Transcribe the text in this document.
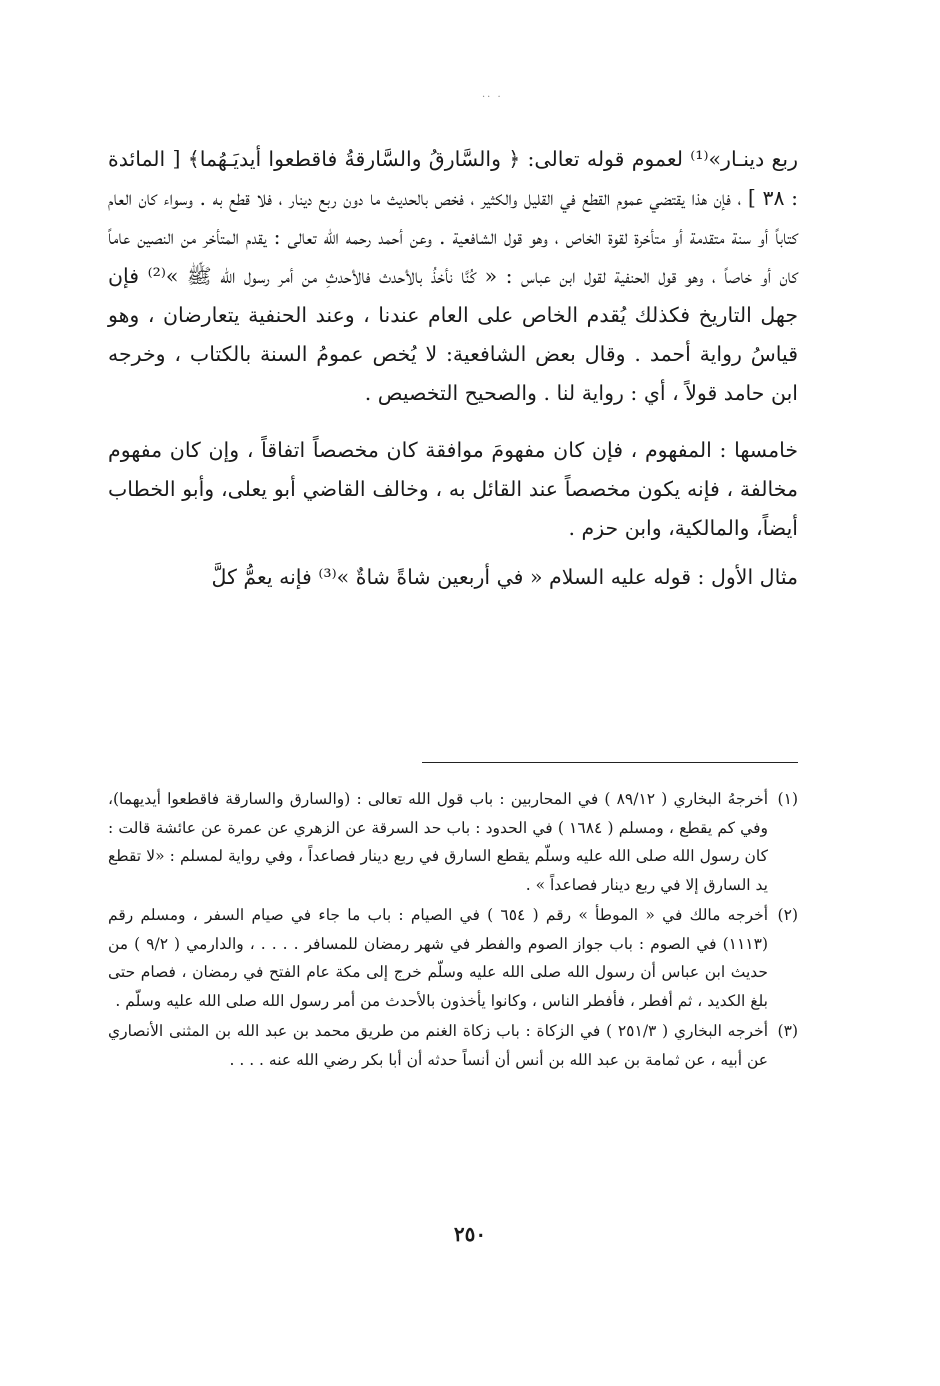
·· ·

ربع دينـار»⁽¹⁾ لعموم قوله تعالى: ﴿ والسَّارقُ والسَّارقةُ فاقطعوا أيديَـهُما﴾ [ المائدة : ٣٨ ] ، فإن هذا يقتضي عموم القطع في القليل والكثير ، فخص بالحديث ما دون ربع دينار ، فلا قطع به . وسواء كان العام كتاباً أو سنة متقدمة أو متأخرة لقوة الخاص ، وهو قول الشافعية . وعن أحمد رحمه الله تعالى : يقدم المتأخر من النصين عاماً كان أو خاصاً ، وهو قول الحنفية لقول ابن عباس : « كُنَّا نأخذُ بالأحدث فالأحدثِ من أمر رسول الله ﷺ »⁽²⁾ فإن جهل التاريخ فكذلك يُقدم الخاص على العام عندنا ، وعند الحنفية يتعارضان ، وهو قياسُ رواية أحمد . وقال بعض الشافعية: لا يُخص عمومُ السنة بالكتاب ، وخرجه ابن حامد قولاً ، أي : رواية لنا . والصحيح التخصيص .

خامسها : المفهوم ، فإن كان مفهومَ موافقة كان مخصصاً اتفاقاً ، وإن كان مفهوم مخالفة ، فإنه يكون مخصصاً عند القائل به ، وخالف القاضي أبو يعلى، وأبو الخطاب أيضاً، والمالكية، وابن حزم .

مثال الأول : قوله عليه السلام « في أربعين شاةً شاةٌ »⁽³⁾ فإنه يعمُّ كلَّ

(١)
أخرجهُ البخاري ( ٨٩/١٢ ) في المحاربين : باب قول الله تعالى : (والسارق والسارقة فاقطعوا أيديهما)، وفي كم يقطع ، ومسلم ( ١٦٨٤ ) في الحدود : باب حد السرقة عن الزهري عن عمرة عن عائشة قالت : كان رسول الله صلى الله عليه وسلّم يقطع السارق في ربع دينار فصاعداً ، وفي رواية لمسلم : «لا تقطع يد السارق إلا في ربع دينار فصاعداً » .
(٢)
أخرجه مالك في « الموطأ » رقم ( ٦٥٤ ) في الصيام : باب ما جاء في صيام السفر ، ومسلم رقم (١١١٣) في الصوم : باب جواز الصوم والفطر في شهر رمضان للمسافر . . . . ، والدارمي ( ٩/٢ ) من حديث ابن عباس أن رسول الله صلى الله عليه وسلّم خرج إلى مكة عام الفتح في رمضان ، فصام حتى بلغ الكديد ، ثم أفطر ، فأفطر الناس ، وكانوا يأخذون بالأحدث من أمر رسول الله صلى الله عليه وسلّم .
(٣)
أخرجه البخاري ( ٢٥١/٣ ) في الزكاة : باب زكاة الغنم من طريق محمد بن عبد الله بن المثنى الأنصاري عن أبيه ، عن ثمامة بن عبد الله بن أنس أن أنساً حدثه أن أبا بكر رضي الله عنه . . . .
٢٥٠
